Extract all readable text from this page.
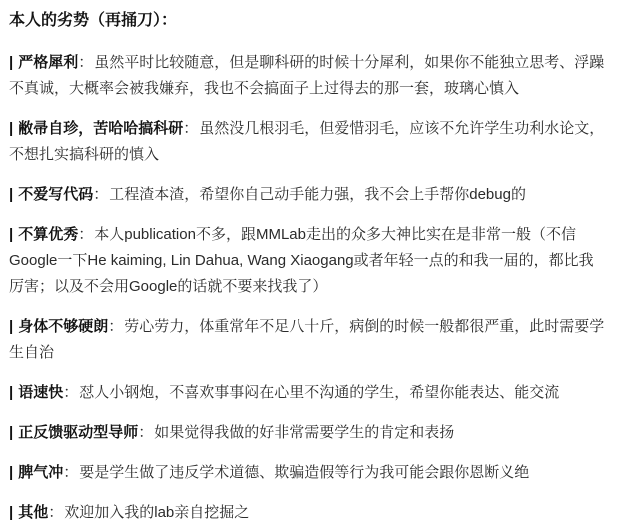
本人的劣势（再捅刀）：

| 严格犀利：虽然平时比较随意，但是聊科研的时候十分犀利，如果你不能独立思考、浮躁不真诚，大概率会被我嫌弃，我也不会搞面子上过得去的那一套，玻璃心慎入

| 敝帚自珍，苦哈哈搞科研：虽然没几根羽毛，但爱惜羽毛，应该不允许学生功利水论文，不想扎实搞科研的慎入

| 不爱写代码：工程渣本渣，希望你自己动手能力强，我不会上手帮你debug的

| 不算优秀：本人publication不多，跟MMLab走出的众多大神比实在是非常一般（不信Google一下He kaiming, Lin Dahua, Wang Xiaogang或者年轻一点的和我一届的，都比我厉害；以及不会用Google的话就不要来找我了）

| 身体不够硬朗：劳心劳力，体重常年不足八十斤，病倒的时候一般都很严重，此时需要学生自治

| 语速快：怼人小钢炮，不喜欢事事闷在心里不沟通的学生，希望你能表达、能交流

| 正反馈驱动型导师：如果觉得我做的好非常需要学生的肯定和表扬

| 脾气冲：要是学生做了违反学术道德、欺骗造假等行为我可能会跟你恩断义绝

| 其他：欢迎加入我的lab亲自挖掘之
